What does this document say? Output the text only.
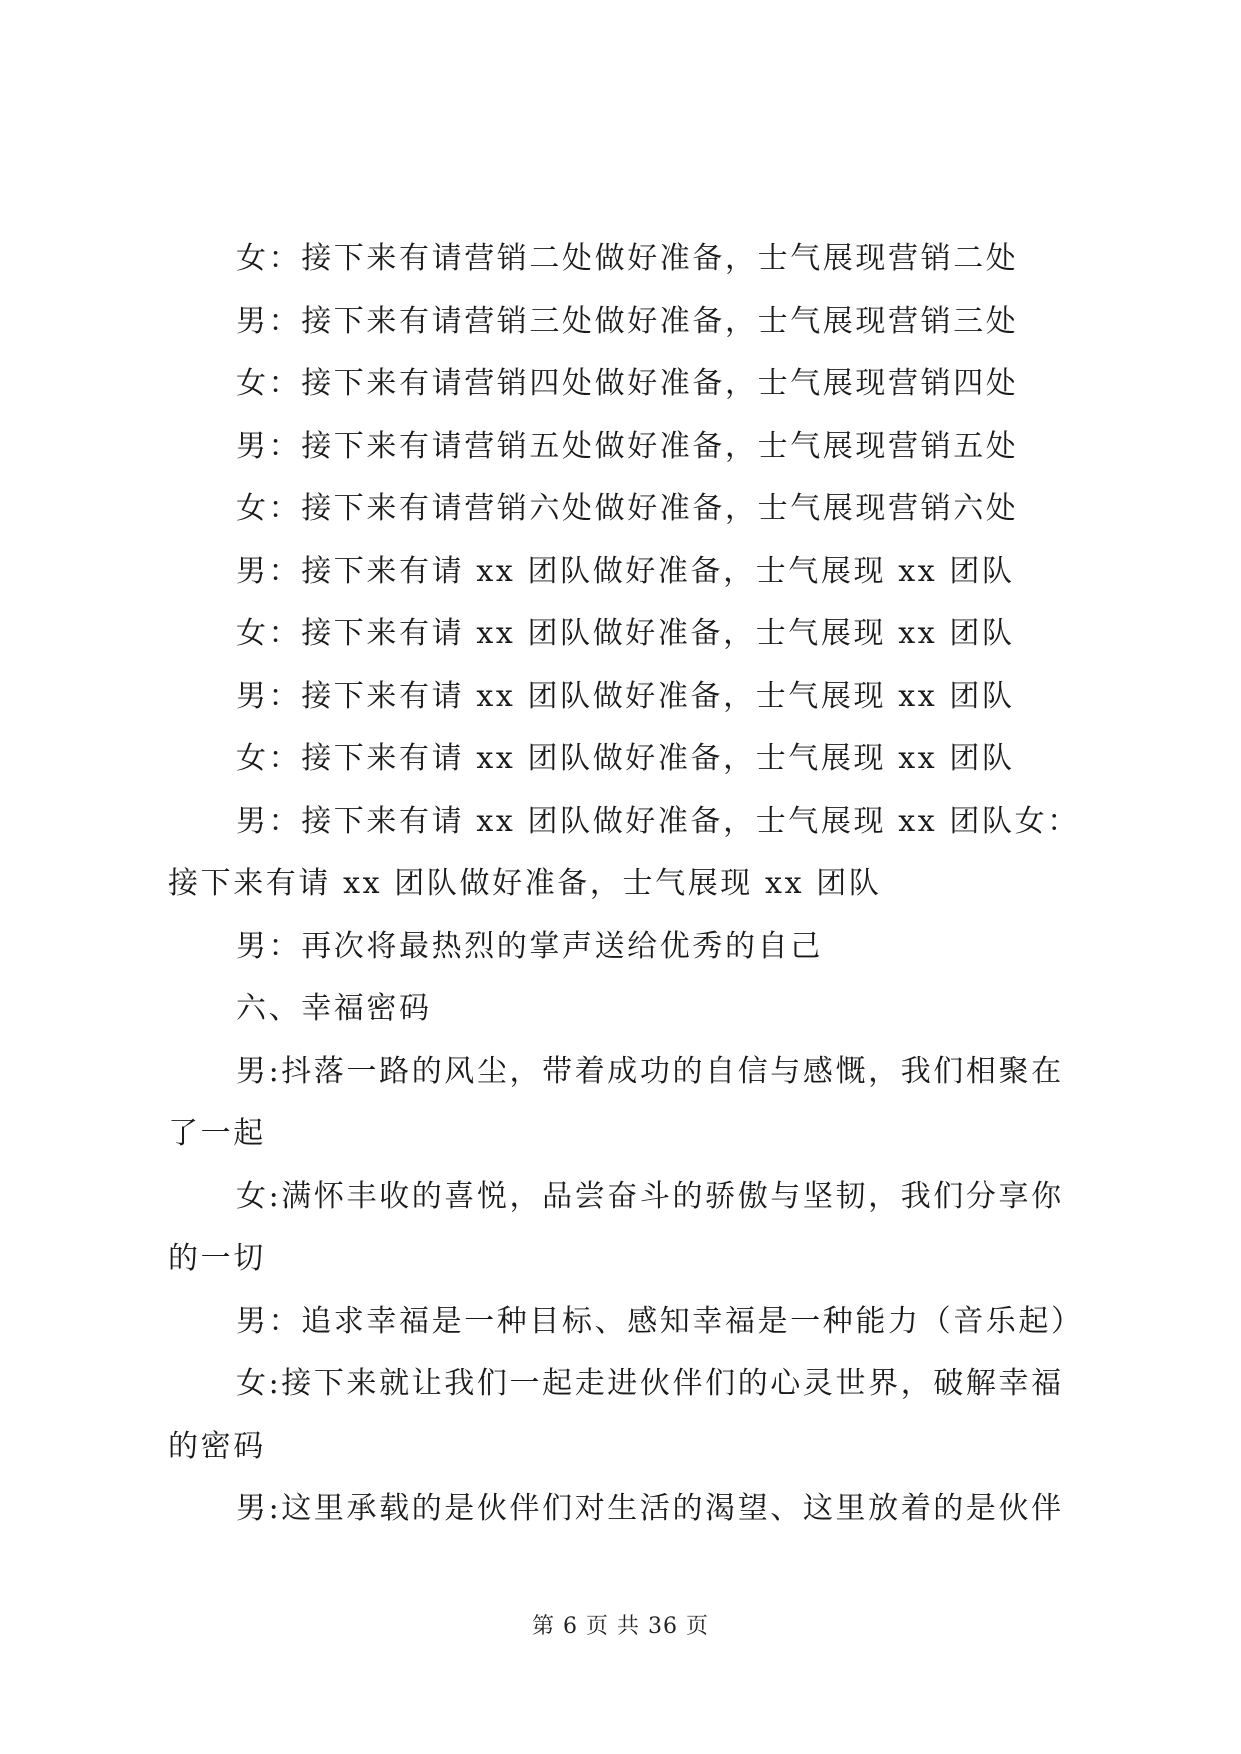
女：接下来有请营销二处做好准备，士气展现营销二处

男：接下来有请营销三处做好准备，士气展现营销三处

女：接下来有请营销四处做好准备，士气展现营销四处

男：接下来有请营销五处做好准备，士气展现营销五处

女：接下来有请营销六处做好准备，士气展现营销六处

男：接下来有请 xx 团队做好准备，士气展现 xx 团队

女：接下来有请 xx 团队做好准备，士气展现 xx 团队

男：接下来有请 xx 团队做好准备，士气展现 xx 团队

女：接下来有请 xx 团队做好准备，士气展现 xx 团队

男：接下来有请 xx 团队做好准备，士气展现 xx 团队女：接下来有请 xx 团队做好准备，士气展现 xx 团队

男：再次将最热烈的掌声送给优秀的自己

六、幸福密码

男:抖落一路的风尘，带着成功的自信与感慨，我们相聚在了一起

女:满怀丰收的喜悦，品尝奋斗的骄傲与坚韧，我们分享你的一切

男：追求幸福是一种目标、感知幸福是一种能力（音乐起）

女:接下来就让我们一起走进伙伴们的心灵世界，破解幸福的密码

男:这里承载的是伙伴们对生活的渴望、这里放着的是伙伴

第 6 页 共 36 页
